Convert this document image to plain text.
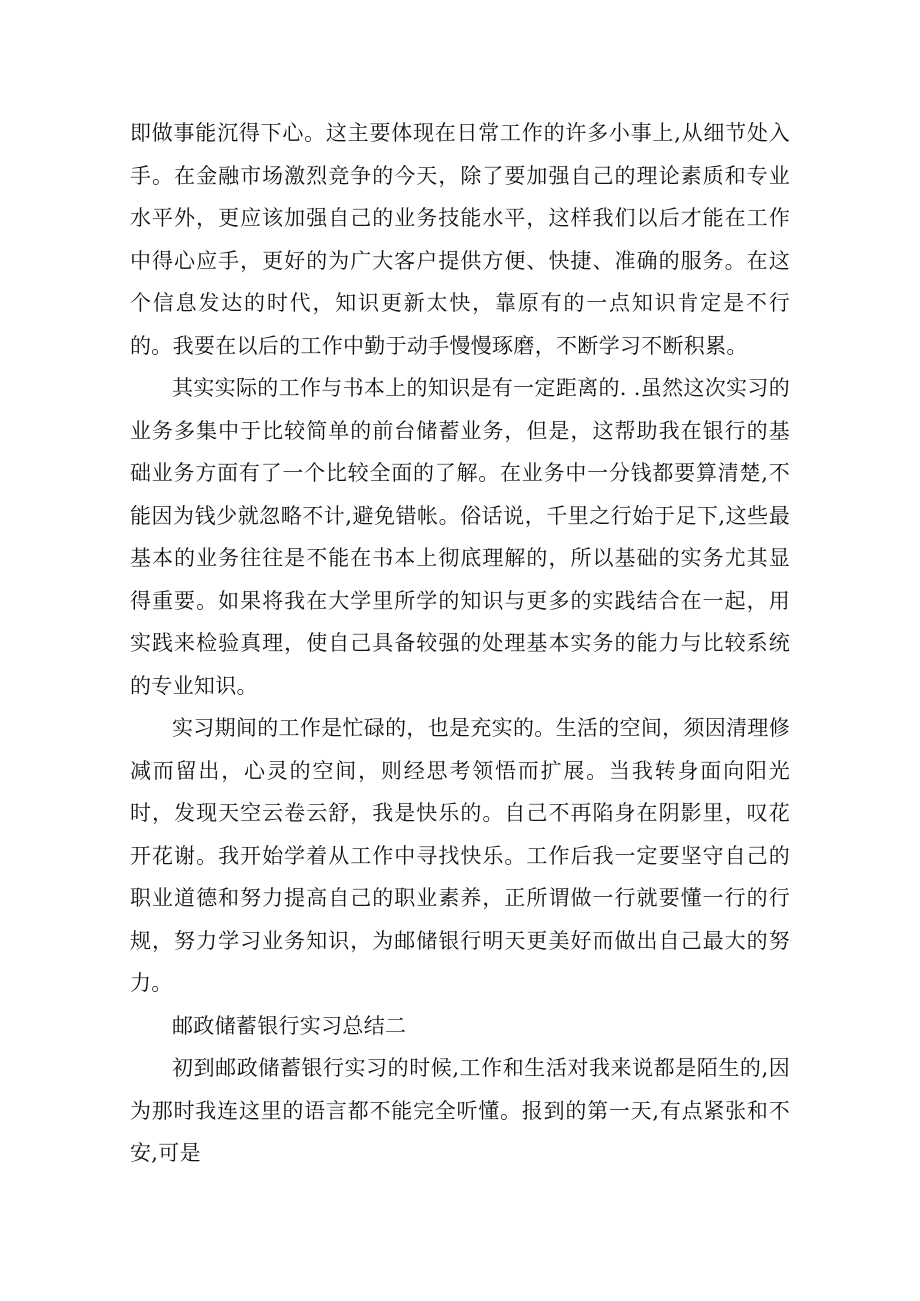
即做事能沉得下心。这主要体现在日常工作的许多小事上,从细节处入手。在金融市场激烈竞争的今天，除了要加强自己的理论素质和专业水平外，更应该加强自己的业务技能水平，这样我们以后才能在工作中得心应手，更好的为广大客户提供方便、快捷、准确的服务。在这个信息发达的时代，知识更新太快，靠原有的一点知识肯定是不行的。我要在以后的工作中勤于动手慢慢琢磨，不断学习不断积累。

其实实际的工作与书本上的知识是有一定距离的. .虽然这次实习的业务多集中于比较简单的前台储蓄业务，但是，这帮助我在银行的基础业务方面有了一个比较全面的了解。在业务中一分钱都要算清楚,不能因为钱少就忽略不计,避免错帐。俗话说，千里之行始于足下,这些最基本的业务往往是不能在书本上彻底理解的，所以基础的实务尤其显得重要。如果将我在大学里所学的知识与更多的实践结合在一起，用实践来检验真理，使自己具备较强的处理基本实务的能力与比较系统的专业知识。

实习期间的工作是忙碌的，也是充实的。生活的空间，须因清理修减而留出，心灵的空间，则经思考领悟而扩展。当我转身面向阳光时，发现天空云卷云舒，我是快乐的。自己不再陷身在阴影里，叹花开花谢。我开始学着从工作中寻找快乐。工作后我一定要坚守自己的职业道德和努力提高自己的职业素养，正所谓做一行就要懂一行的行规，努力学习业务知识，为邮储银行明天更美好而做出自己最大的努力。

邮政储蓄银行实习总结二

初到邮政储蓄银行实习的时候,工作和生活对我来说都是陌生的,因为那时我连这里的语言都不能完全听懂。报到的第一天,有点紧张和不安,可是
